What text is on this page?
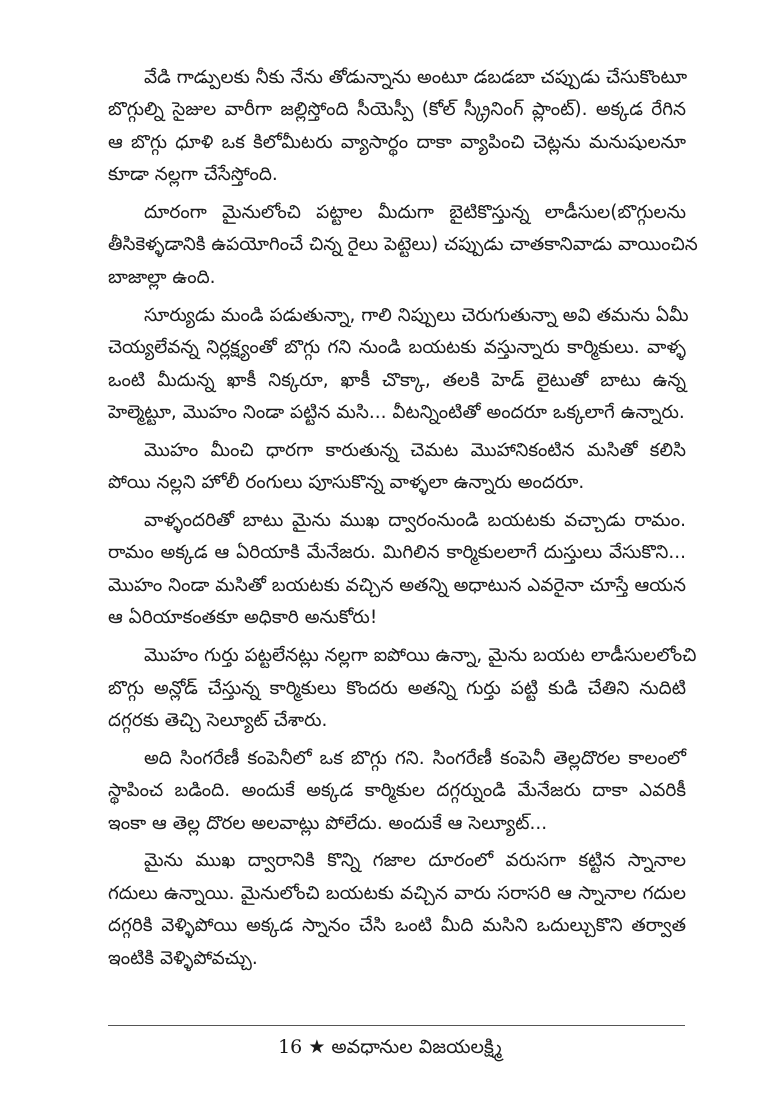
వేడి గాడ్పులకు నీకు నేను తోడున్నాను అంటూ డబడబా చప్పుడు చేసుకొంటూ
బొగ్గుల్ని సైజుల వారీగా జల్లిస్తోంది సీయెస్పీ (కోల్ స్క్రీనింగ్ ప్లాంట్). అక్కడ రేగిన
ఆ బొగ్గు ధూళి ఒక కిలోమీటరు వ్యాసార్థం దాకా వ్యాపించి చెట్లను మనుషులనూ
కూడా నల్లగా చేసేస్తోంది.
దూరంగా మైనులోంచి పట్టాల మీదుగా బైటికొస్తున్న లాడీసుల(బొగ్గులను
తీసికెళ్ళడానికి ఉపయోగించే చిన్న రైలు పెట్టెలు) చప్పుడు చాతకానివాడు వాయించిన
బాజాల్లా ఉంది.
సూర్యుడు మండి పడుతున్నా, గాలి నిప్పులు చెరుగుతున్నా అవి తమను ఏమీ
చెయ్యలేవన్న నిర్లక్ష్యంతో బొగ్గు గని నుండి బయటకు వస్తున్నారు కార్మికులు. వాళ్ళ
ఒంటి మీదున్న ఖాకీ నిక్కరూ, ఖాకీ చొక్కా, తలకి హెడ్ లైటుతో బాటు ఉన్న
హెల్మెట్టూ, మొహం నిండా పట్టిన మసి... వీటన్నింటితో అందరూ ఒక్కలాగే ఉన్నారు.
మొహం మీంచి ధారగా కారుతున్న చెమట మొహానికంటిన మసితో కలిసి
పోయి నల్లని హోలీ రంగులు పూసుకొన్న వాళ్ళలా ఉన్నారు అందరూ.
వాళ్ళందరితో బాటు మైను ముఖ ద్వారంనుండి బయటకు వచ్చాడు రామం.
రామం అక్కడ ఆ ఏరియాకి మేనేజరు. మిగిలిన కార్మికులలాగే దుస్తులు వేసుకొని...
మొహం నిండా మసితో బయటకు వచ్చిన అతన్ని అధాటున ఎవరైనా చూస్తే ఆయన
ఆ ఏరియాకంతకూ అధికారి అనుకోరు!
మొహం గుర్తు పట్టలేనట్లు నల్లగా ఐపోయి ఉన్నా, మైను బయట లాడీసులలోంచి
బొగ్గు అన్లోడ్ చేస్తున్న కార్మికులు కొందరు అతన్ని గుర్తు పట్టి కుడి చేతిని నుదిటి
దగ్గరకు తెచ్చి సెల్యూట్ చేశారు.
అది సింగరేణీ కంపెనీలో ఒక బొగ్గు గని. సింగరేణీ కంపెనీ తెల్లదొరల కాలంలో
స్థాపించ బడింది. అందుకే అక్కడ కార్మికుల దగ్గర్నుండి మేనేజరు దాకా ఎవరికీ
ఇంకా ఆ తెల్ల దొరల అలవాట్లు పోలేదు. అందుకే ఆ సెల్యూట్...
మైను ముఖ ద్వారానికి కొన్ని గజాల దూరంలో వరుసగా కట్టిన స్నానాల
గదులు ఉన్నాయి. మైనులోంచి బయటకు వచ్చిన వారు సరాసరి ఆ స్నానాల గదుల
దగ్గరికి వెళ్ళిపోయి అక్కడ స్నానం చేసి ఒంటి మీది మసిని ఒదుల్చుకొని తర్వాత
ఇంటికి వెళ్ళిపోవచ్చు.
16 ★ అవధానుల విజయలక్ష్మి
